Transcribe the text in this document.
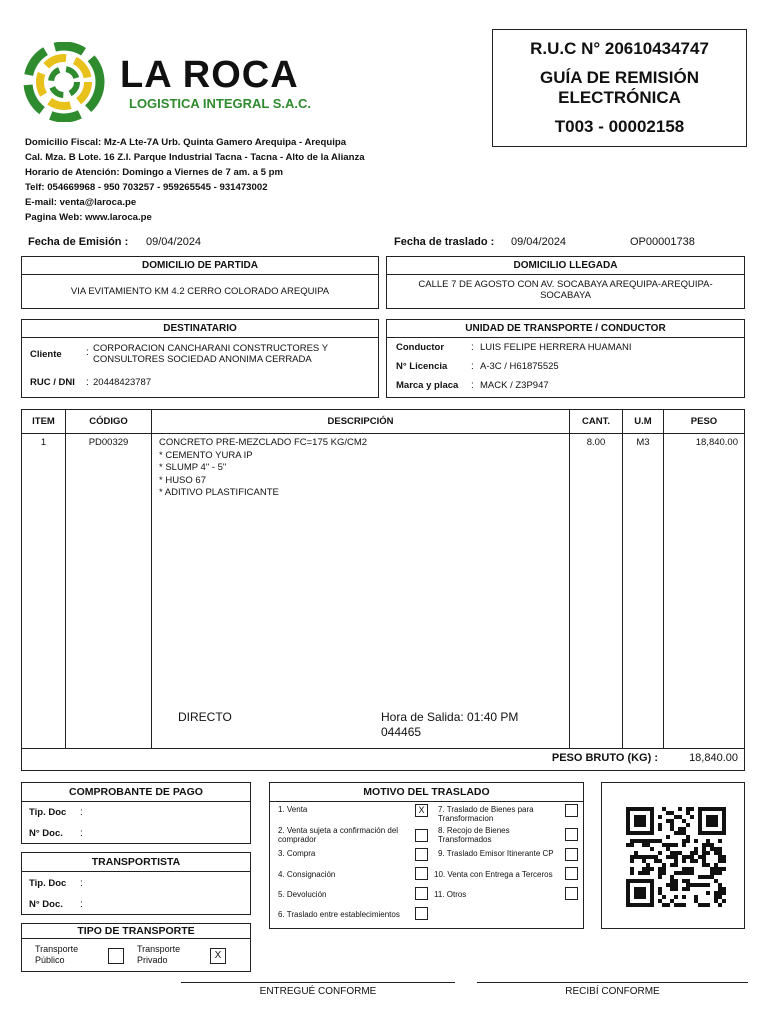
LA ROCA
LOGISTICA INTEGRAL S.A.C.
Domicilio Fiscal: Mz-A Lte-7A Urb. Quinta Gamero Arequipa - Arequipa
Cal. Mza. B Lote. 16 Z.I. Parque Industrial Tacna - Tacna - Alto de la Alianza
Horario de Atención: Domingo a Viernes de 7 am. a 5 pm
Telf: 054669968 - 950 703257 - 959265545 - 931473002
E-mail: venta@laroca.pe
Pagina Web: www.laroca.pe
R.U.C N° 20610434747
GUÍA DE REMISIÓN
ELECTRÓNICA
T003 - 00002158
Fecha de Emisión : 09/04/2024	Fecha de traslado : 09/04/2024	OP00001738
DOMICILIO DE PARTIDA
VIA EVITAMIENTO KM 4.2 CERRO COLORADO AREQUIPA
DOMICILIO LLEGADA
CALLE 7 DE AGOSTO CON AV. SOCABAYA AREQUIPA-AREQUIPA-SOCABAYA
DESTINATARIO
Cliente : CORPORACION CANCHARANI CONSTRUCTORES Y
CONSULTORES SOCIEDAD ANONIMA CERRADA
RUC / DNI : 20448423787
UNIDAD DE TRANSPORTE / CONDUCTOR
Conductor	: LUIS FELIPE HERRERA HUAMANI
N° Licencia : A-3C / H61875525
Marca y placa : MACK / Z3P947
ITEM	CÓDIGO	DESCRIPCIÓN	CANT.	U.M	PESO
1	PD00329	CONCRETO PRE-MEZCLADO FC=175 KG/CM2
* CEMENTO YURA IP
* SLUMP 4" - 5"
* HUSO 67
* ADITIVO PLASTIFICANTE
8.00	M3	18,840.00
DIRECTO	Hora de Salida: 01:40 PM
044465
PESO BRUTO (KG) :	18,840.00
COMPROBANTE DE PAGO
Tip. Doc :
N° Doc. :
TRANSPORTISTA
Tip. Doc :
N° Doc. :
TIPO DE TRANSPORTE
Transporte
Público
Transporte
Privado	X
MOTIVO DEL TRASLADO
1. Venta	X
2. Venta sujeta a confirmación del
comprador
3. Compra
4. Consignación
5. Devolución
6. Traslado entre establecimientos
7. Traslado de Bienes para
Transformacion
8. Recojo de Bienes
Transformados
9. Traslado Emisor Itinerante CP
10. Venta con Entrega a Terceros
11. Otros
ENTREGUÉ CONFORME	RECIBÍ CONFORME
